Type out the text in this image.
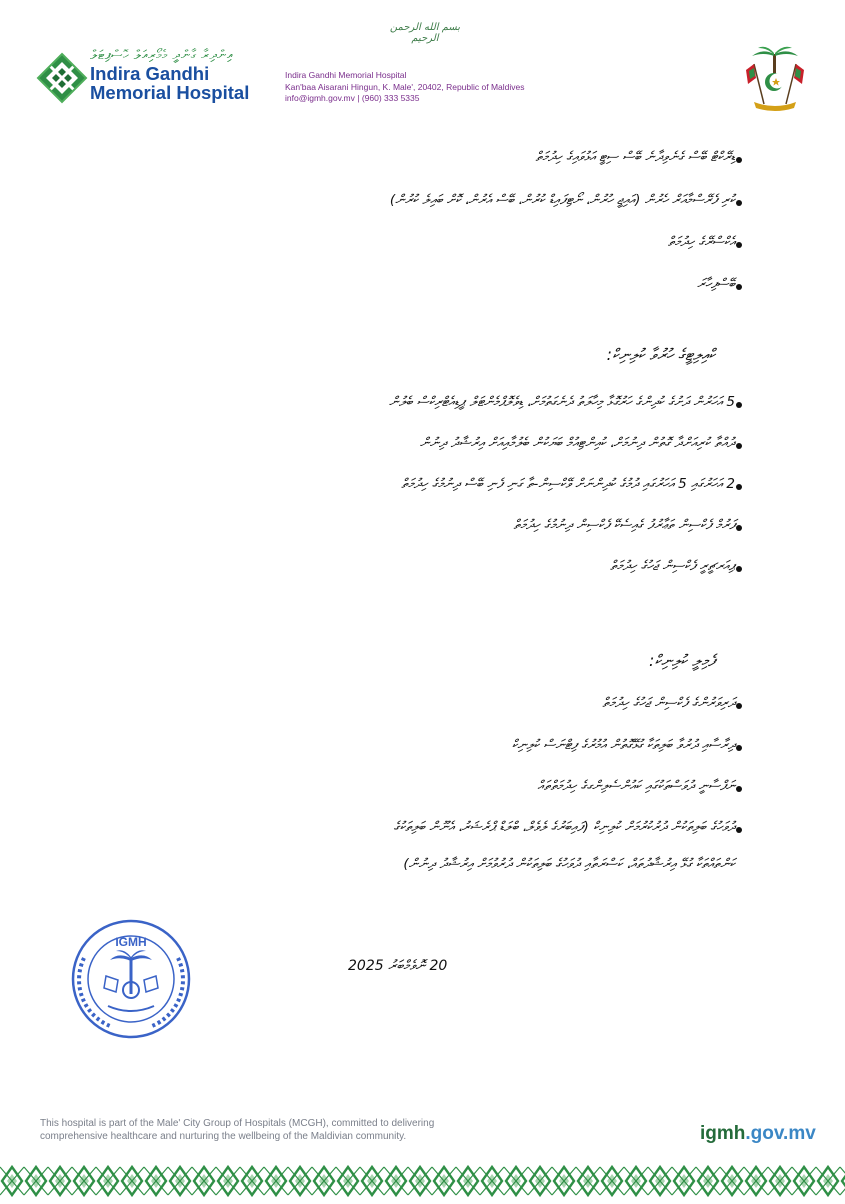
بسم الله الرحمن الرحيم
އިންދިރާ ގާންދީ މެމޯރިއަލް ހޮސްޕިޓަލް
Indira Gandhi
Memorial Hospital
Indira Gandhi Memorial Hospital
Kan'baa Aisarani Hingun, K. Male', 20402, Republic of Maldives
info@igmh.gov.mv | (960) 333 5335
ޑިރޭކްޓް ބޭސް ގެނެވިދާނެ ބޭސް ސިޓީ އަޅުވައިގެ ހިދުމަތް
ކުރި ފެރޭސްމާއަރް ހެރުން (އައިޖީ ހުރުން، ނޯޓިފައިޑް ކުރުން، ބޭސް އެރުން، ކޮށް ބައިލެ ކުރުން)
އެކްސްރޭގެ ހިދުމަތް
ބޭސްފިހާރަ
ކްއިލިޓީގެ ހުރުވާ ކުލިނިކް:
5 އަހަރުން ދަށުގެ ކުދިންގެ ހަރުގޮޅާ މިހާލަތު ދެނެގަތުމަށް، ޑިވެލޮޕްމެންޓަލް ޕީޑިއެޓްރިކްސް ބެލުން
ދުއްތާ ކުރިއަށްދާ ގޮތުން ދިނުމަށް، ކުއިންޓިއުމް ބަޔަކުން ބެލުމާއިއަށް އިރުޝާދު ދިނުން
2 އަހަރުގައި 5 އަހަރުގައި ދުމުގެ ކުދިންނަށް ވޭކްސިން-ތާ ގަނި ފެނި ބޭސް ދިނުމުގެ ހިދުމަތް
ފަރުމް ފެކްސިން ތަޢާރުފު ގެއިސެކޭ ފެކްސިން ދިނުމުގެ ހިދުމަތް
ޕިއަރޗީރީ ފެކްސިން ޖަހުގެ ހިދުމަތް
ފެމިލީ ކުލިނިކް:
ދަރިވަރުންގެ ފެކްސިން ޖަހުގެ ހިދުމަތް
ދިރާސާއި ދުރުވާ ބަލިތަކާ ގުޅޭގޮތުން އުމުރުގެ ފިޓްނަސް ކުލިނިކް
ނަފްސާނީ ދުވަސްތަކުގައި ކައުންސެލިންގގެ ހިދުމަތްތައް
ދުވަހުގެ ބަލިތަކުން ދުރުކުރުމަށް ކުލިނިކް (ފައިބަރުގެ ލެވެލް، ބްލަޑް ޕްރެޝަރު، އެނޫން ބަލިތަކުގެ
ކަންތައްތަކާ ގުޅޭ އިރުޝާދުތައް، ކަސްރަތާއި ދުވަހުގެ ބަލިތަކުން ދުރުވުމަށް އިރުޝާދު ދިނުން)
IGMH
20 ނޮވެމްބަރު 2025
This hospital is part of the Male' City Group of Hospitals (MCGH), committed to delivering
comprehensive healthcare and nurturing the wellbeing of the Maldivian community.	igmh.gov.mv
